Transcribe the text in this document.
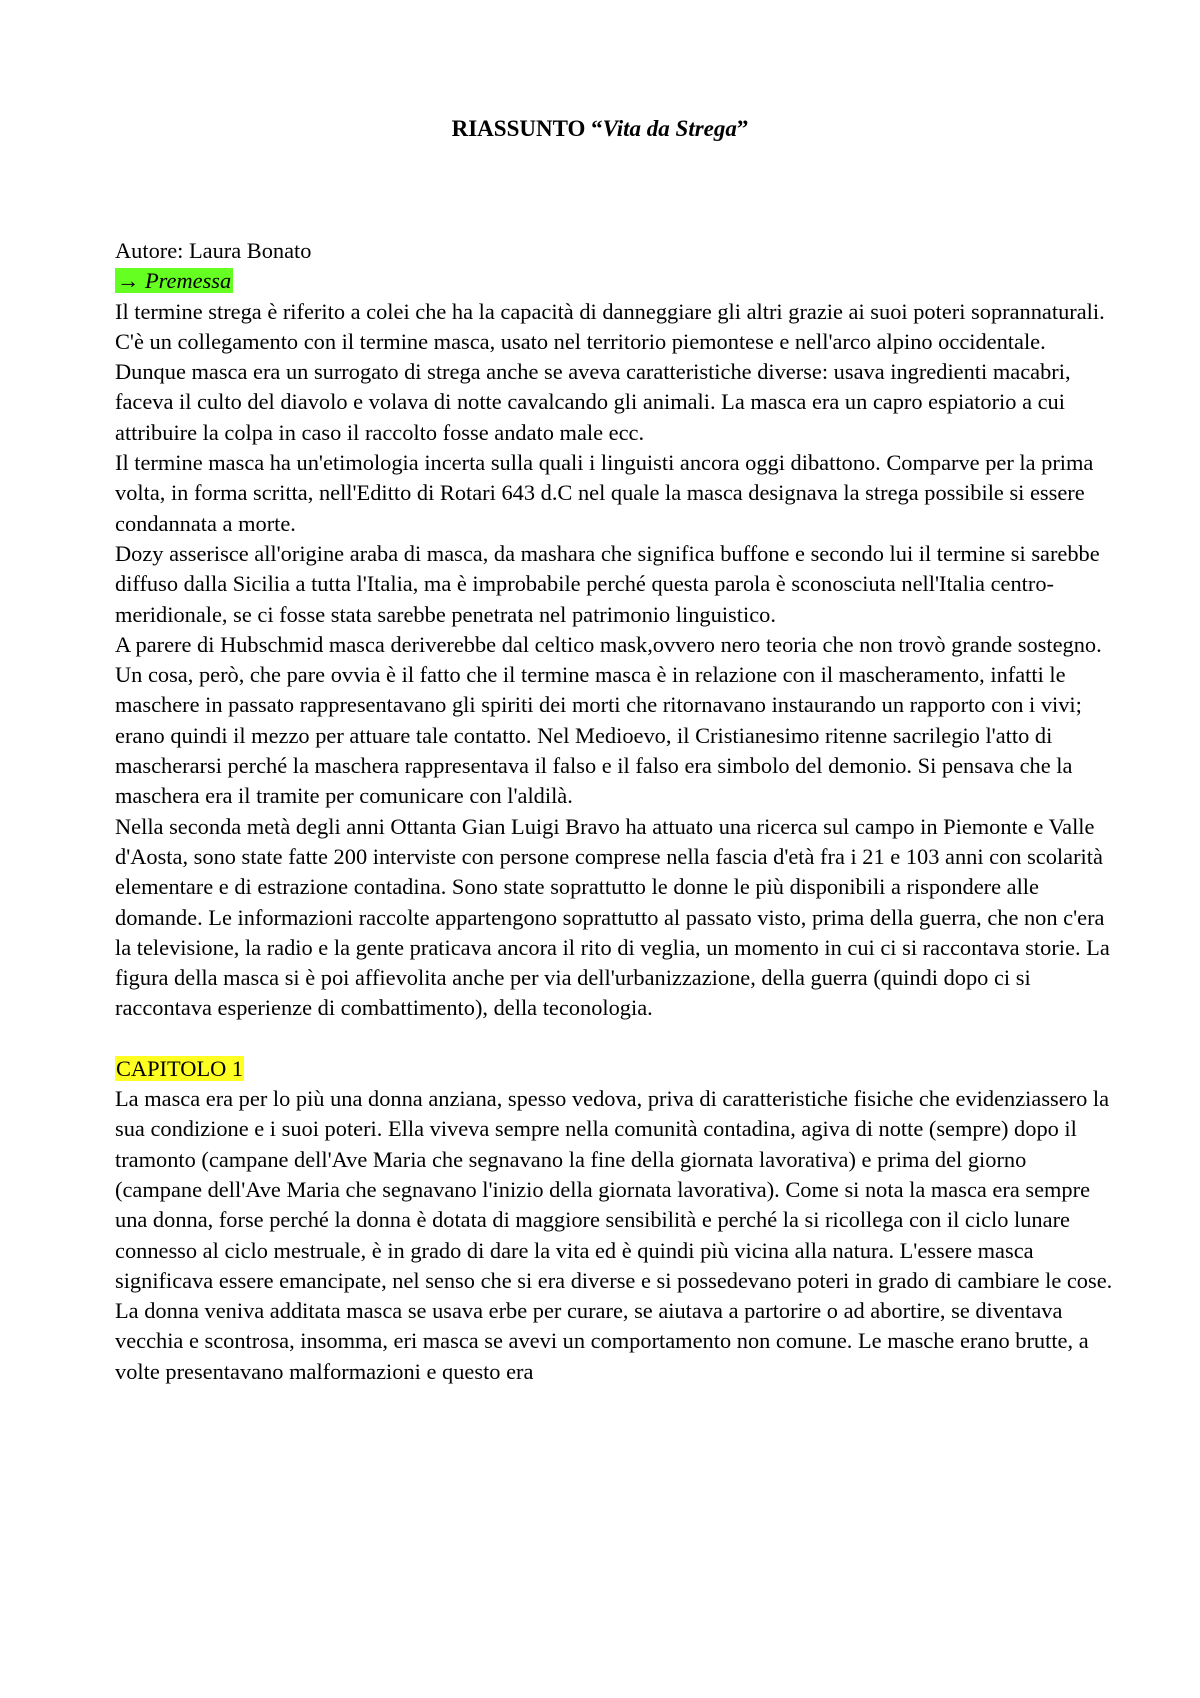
RIASSUNTO “Vita da Strega”

Autore: Laura Bonato

→ Premessa

Il termine strega è riferito a colei che ha la capacità di danneggiare gli altri grazie ai suoi poteri soprannaturali. C'è un collegamento con il termine masca, usato nel territorio piemontese e nell'arco alpino occidentale. Dunque masca era un surrogato di strega anche se aveva caratteristiche diverse: usava ingredienti macabri, faceva il culto del diavolo e volava di notte cavalcando gli animali. La masca era un capro espiatorio a cui attribuire la colpa in caso il raccolto fosse andato male ecc.

Il termine masca ha un'etimologia incerta sulla quali i linguisti ancora oggi dibattono. Comparve per la prima volta, in forma scritta, nell'Editto di Rotari 643 d.C nel quale la masca designava la strega possibile si essere condannata a morte.

Dozy asserisce all'origine araba di masca, da mashara che significa buffone e secondo lui il termine si sarebbe diffuso dalla Sicilia a tutta l'Italia, ma è improbabile perché questa parola è sconosciuta nell'Italia centro-meridionale, se ci fosse stata sarebbe penetrata nel patrimonio linguistico.

A parere di Hubschmid masca deriverebbe dal celtico mask,ovvero nero teoria che non trovò grande sostegno. Un cosa, però, che pare ovvia è il fatto che il termine masca è in relazione con il mascheramento, infatti le maschere in passato rappresentavano gli spiriti dei morti che ritornavano instaurando un rapporto con i vivi; erano quindi il mezzo per attuare tale contatto. Nel Medioevo, il Cristianesimo ritenne sacrilegio l'atto di mascherarsi perché la maschera rappresentava il falso e il falso era simbolo del demonio. Si pensava che la maschera era il tramite per comunicare con l'aldilà.

Nella seconda metà degli anni Ottanta Gian Luigi Bravo ha attuato una ricerca sul campo in Piemonte e Valle d'Aosta, sono state fatte 200 interviste con persone comprese nella fascia d'età fra i 21 e 103 anni con scolarità elementare e di estrazione contadina. Sono state soprattutto le donne le più disponibili a rispondere alle domande. Le informazioni raccolte appartengono soprattutto al passato visto, prima della guerra, che non c'era la televisione, la radio e la gente praticava ancora il rito di veglia, un momento in cui ci si raccontava storie. La figura della masca si è poi affievolita anche per via dell'urbanizzazione, della guerra (quindi dopo ci si raccontava esperienze di combattimento), della teconologia.

CAPITOLO 1

La masca era per lo più una donna anziana, spesso vedova, priva di caratteristiche fisiche che evidenziassero la sua condizione e i suoi poteri. Ella viveva sempre nella comunità contadina, agiva di notte (sempre) dopo il tramonto (campane dell'Ave Maria che segnavano la fine della giornata lavorativa) e prima del giorno (campane dell'Ave Maria che segnavano l'inizio della giornata lavorativa). Come si nota la masca era sempre una donna, forse perché la donna è dotata di maggiore sensibilità e perché la si ricollega con il ciclo lunare connesso al ciclo mestruale, è in grado di dare la vita ed è quindi più vicina alla natura. L'essere masca significava essere emancipate, nel senso che si era diverse e si possedevano poteri in grado di cambiare le cose.

La donna veniva additata masca se usava erbe per curare, se aiutava a partorire o ad abortire, se diventava vecchia e scontrosa, insomma, eri masca se avevi un comportamento non comune. Le masche erano brutte, a volte presentavano malformazioni e questo era
